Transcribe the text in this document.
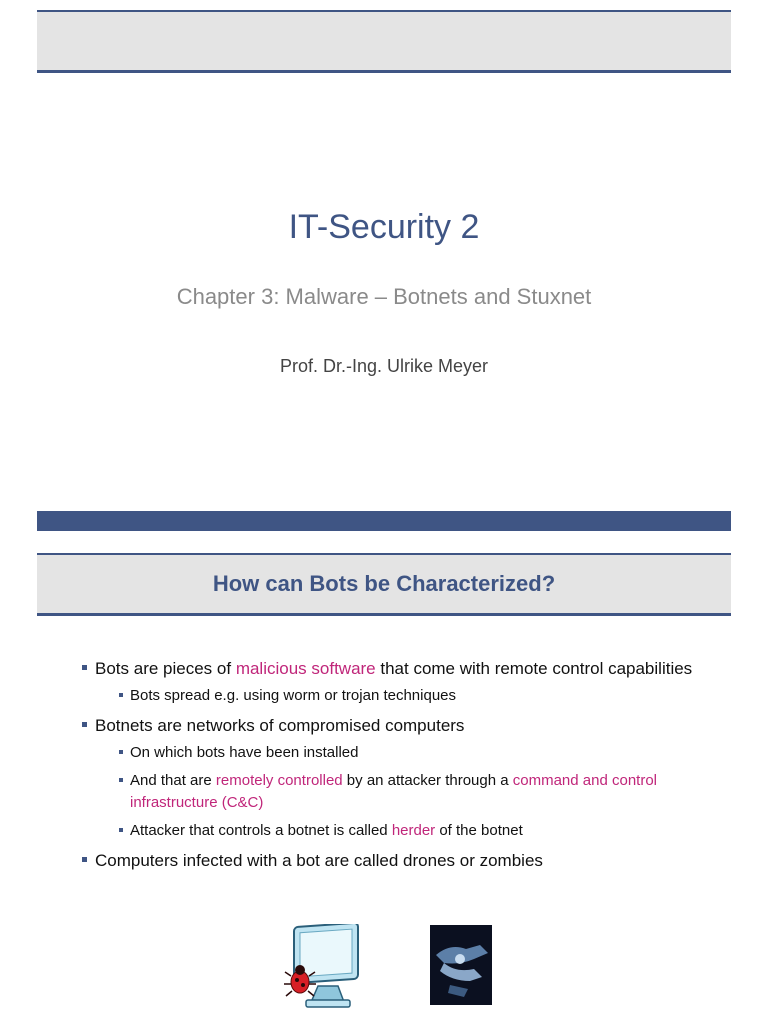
IT-Security 2
Chapter 3: Malware – Botnets and Stuxnet
Prof. Dr.-Ing. Ulrike Meyer
How can Bots be Characterized?
Bots are pieces of malicious software that come with remote control capabilities
Bots spread e.g. using worm or trojan techniques
Botnets are networks of compromised computers
On which bots have been installed
And that are remotely controlled by an attacker through a command and control infrastructure (C&C)
Attacker that controls a botnet is called herder of the botnet
Computers infected with a bot are called drones or zombies
